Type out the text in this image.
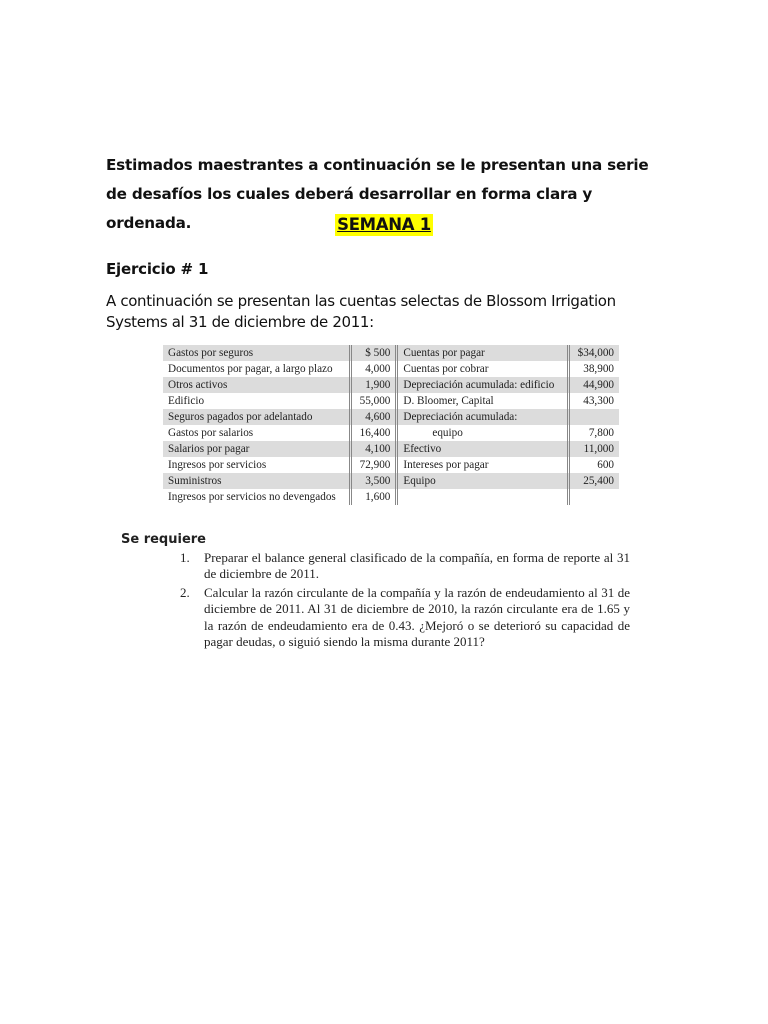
Estimados maestrantes a continuación se le presentan una serie de desafíos los cuales deberá desarrollar en forma clara y ordenada.	SEMANA 1
Ejercicio # 1
A continuación se presentan las cuentas selectas de Blossom Irrigation Systems al 31 de diciembre de 2011:
Gastos por seguros	$ 500	Cuentas por pagar	$34,000
Documentos por pagar, a largo plazo	4,000	Cuentas por cobrar	38,900
Otros activos	1,900	Depreciación acumulada: edificio	44,900
Edificio	55,000	D. Bloomer, Capital	43,300
Seguros pagados por adelantado	4,600	Depreciación acumulada:	
Gastos por salarios	16,400	equipo	7,800
Salarios por pagar	4,100	Efectivo	11,000
Ingresos por servicios	72,900	Intereses por pagar	600
Suministros	3,500	Equipo	25,400
Ingresos por servicios no devengados	1,600		
Se requiere
1. Preparar el balance general clasificado de la compañía, en forma de reporte al 31 de diciembre de 2011.
2. Calcular la razón circulante de la compañía y la razón de endeudamiento al 31 de diciembre de 2011. Al 31 de diciembre de 2010, la razón circulante era de 1.65 y la razón de endeudamiento era de 0.43. ¿Mejoró o se deterioró su capacidad de pagar deudas, o siguió siendo la misma durante 2011?
